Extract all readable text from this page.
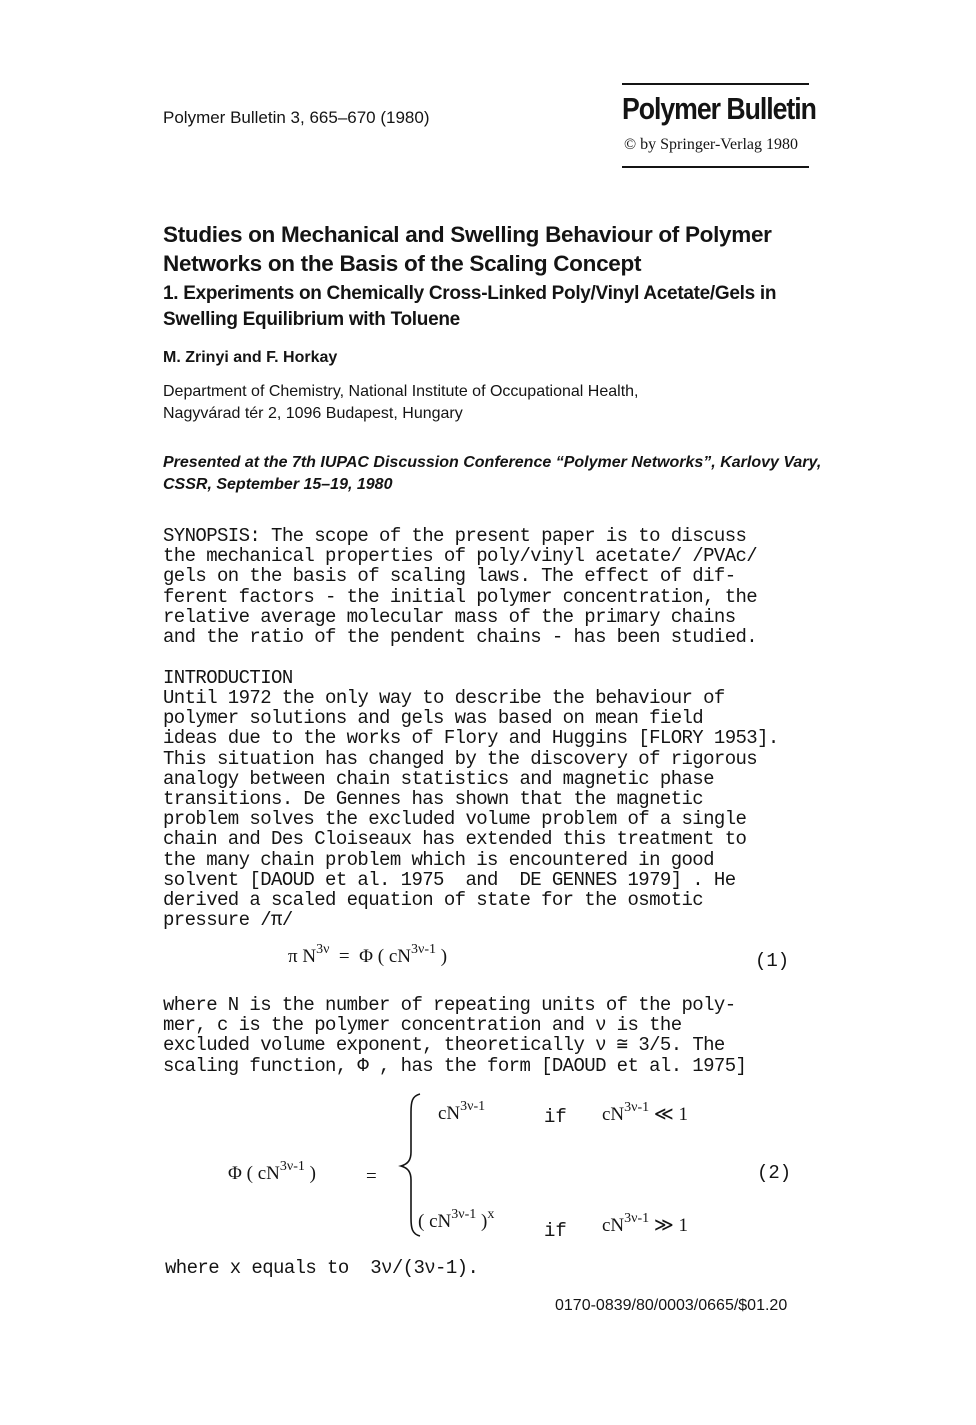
Polymer Bulletin 3, 665–670 (1980)	Polymer Bulletin
© by Springer-Verlag 1980
Studies on Mechanical and Swelling Behaviour of Polymer Networks on the Basis of the Scaling Concept
1. Experiments on Chemically Cross-Linked Poly/Vinyl Acetate/Gels in Swelling Equilibrium with Toluene
M. Zrinyi and F. Horkay
Department of Chemistry, National Institute of Occupational Health,
Nagyvárad tér 2, 1096 Budapest, Hungary
Presented at the 7th IUPAC Discussion Conference “Polymer Networks”, Karlovy Vary, CSSR, September 15–19, 1980
SYNOPSIS: The scope of the present paper is to discuss
the mechanical properties of poly/vinyl acetate/ /PVAc/
gels on the basis of scaling laws. The effect of dif-
ferent factors - the initial polymer concentration, the
relative average molecular mass of the primary chains
and the ratio of the pendent chains - has been studied.
INTRODUCTION
Until 1972 the only way to describe the behaviour of
polymer solutions and gels was based on mean field
ideas due to the works of Flory and Huggins [FLORY 1953].
This situation has changed by the discovery of rigorous
analogy between chain statistics and magnetic phase
transitions. De Gennes has shown that the magnetic
problem solves the excluded volume problem of a single
chain and Des Cloiseaux has extended this treatment to
the many chain problem which is encountered in good
solvent [DAOUD et al. 1975  and  DE GENNES 1979] . He
derived a scaled equation of state for the osmotic
pressure /π/
π $N^{3\nu} = \Phi$ ( $cN^{3\nu-1}$ )	(1)
where N is the number of repeating units of the poly-
mer, c is the polymer concentration and ν is the
excluded volume exponent, theoretically ν ≅ 3/5. The
scaling function, Φ , has the form [DAOUD et al. 1975]
Φ ( $cN^{3\nu-1}$ )	=
$cN^{3\nu-1}$	if $cN^{3\nu-1}$ ≪ 1
( $cN^{3\nu-1}$ )$^x$
if $cN^{3\nu-1}$ ≫ 1
(2)
where x equals to  3ν/(3ν-1).
0170-0839/80/0003/0665/$01.20
